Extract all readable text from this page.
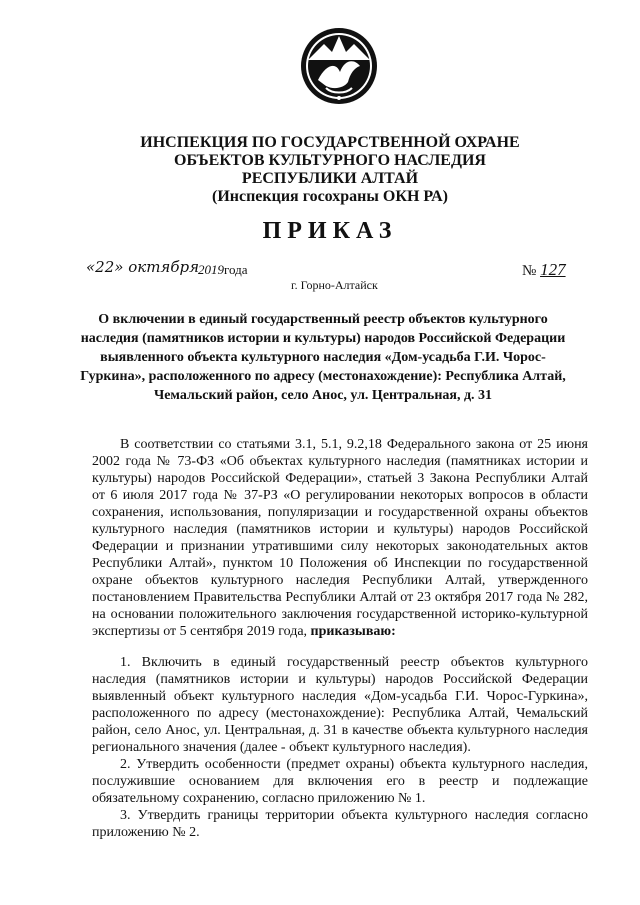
ИНСПЕКЦИЯ ПО ГОСУДАРСТВЕННОЙ ОХРАНЕ
ОБЪЕКТОВ КУЛЬТУРНОГО НАСЛЕДИЯ
РЕСПУБЛИКИ АЛТАЙ
(Инспекция госохраны ОКН РА)
ПРИКАЗ
«22» октября
2019года
г. Горно-Алтайск
№ 127
О включении в единый государственный реестр объектов культурного наследия (памятников истории и культуры) народов Российской Федерации выявленного объекта культурного наследия «Дом-усадьба Г.И. Чорос-Гуркина», расположенного по адресу (местонахождение): Республика Алтай, Чемальский район, село Анос, ул. Центральная, д. 31

В соответствии со статьями 3.1, 5.1, 9.2,18 Федерального закона от 25 июня 2002 года № 73-ФЗ «Об объектах культурного наследия (памятниках истории и культуры) народов Российской Федерации», статьей 3 Закона Республики Алтай от 6 июля 2017 года № 37-РЗ «О регулировании некоторых вопросов в области сохранения, использования, популяризации и государственной охраны объектов культурного наследия (памятников истории и культуры) народов Российской Федерации и признании утратившими силу некоторых законодательных актов Республики Алтай», пунктом 10 Положения об Инспекции по государственной охране объектов культурного наследия Республики Алтай, утвержденного постановлением Правительства Республики Алтай от 23 октября 2017 года № 282, на основании положительного заключения государственной историко-культурной экспертизы от 5 сентября 2019 года, приказываю:

1. Включить в единый государственный реестр объектов культурного наследия (памятников истории и культуры) народов Российской Федерации выявленный объект культурного наследия «Дом-усадьба Г.И. Чорос-Гуркина», расположенного по адресу (местонахождение): Республика Алтай, Чемальский район, село Анос, ул. Центральная, д. 31 в качестве объекта культурного наследия регионального значения (далее - объект культурного наследия).

2. Утвердить особенности (предмет охраны) объекта культурного наследия, послужившие основанием для включения его в реестр и подлежащие обязательному сохранению, согласно приложению № 1.

3. Утвердить границы территории объекта культурного наследия согласно приложению № 2.
